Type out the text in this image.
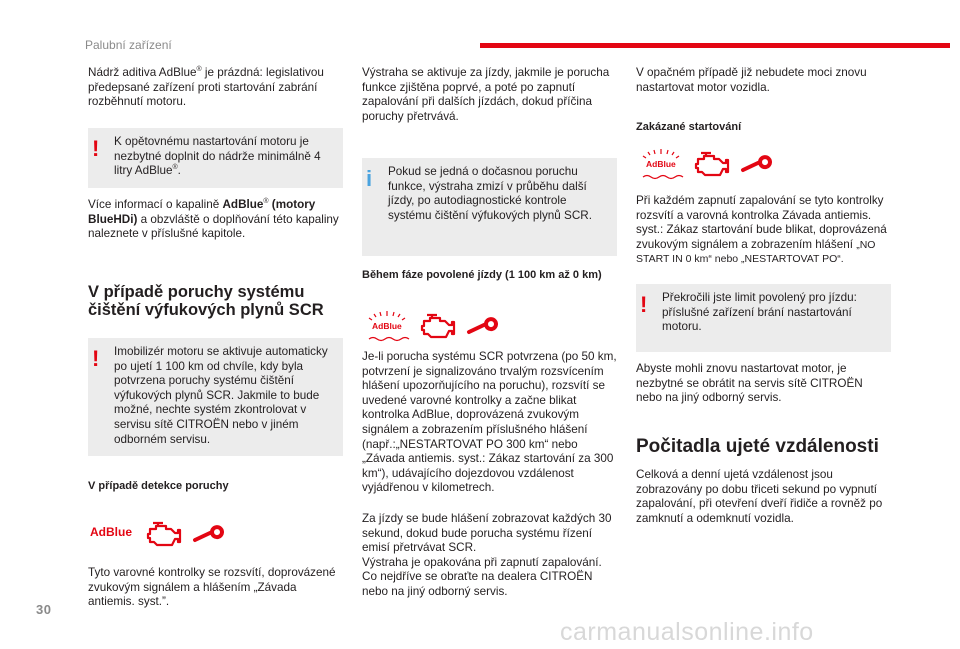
Palubní zařízení

Nádrž aditiva AdBlue® je prázdná: legislativou předepsané zařízení proti startování zabrání rozběhnutí motoru.

! K opětovnému nastartování motoru je nezbytné doplnit do nádrže minimálně 4 litry AdBlue®.

Více informací o kapalině AdBlue® (motory BlueHDi) a obzvláště o doplňování této kapaliny naleznete v příslušné kapitole.

V případě poruchy systému čištění výfukových plynů SCR
! Imobilizér motoru se aktivuje automaticky po ujetí 1 100 km od chvíle, kdy byla potvrzena poruchy systému čištění výfukových plynů SCR. Jakmile to bude možné, nechte systém zkontrolovat v servisu sítě CITROËN nebo v jiném odborném servisu.
V případě detekce poruchy
AdBlue

Tyto varovné kontrolky se rozsvítí, doprovázené zvukovým signálem a hlášením „Závada antiemis. syst.”.

Výstraha se aktivuje za jízdy, jakmile je porucha funkce zjištěna poprvé, a poté po zapnutí zapalování při dalších jízdách, dokud příčina poruchy přetrvává.

i Pokud se jedná o dočasnou poruchu funkce, výstraha zmizí v průběhu další jízdy, po autodiagnostické kontrole systému čištění výfukových plynů SCR.
Během fáze povolené jízdy (1 100 km až 0 km)
AdBlue

Je-li porucha systému SCR potvrzena (po 50 km, potvrzení je signalizováno trvalým rozsvícením hlášení upozorňujícího na poruchu), rozsvítí se uvedené varovné kontrolky a začne blikat kontrolka AdBlue, doprovázená zvukovým signálem a zobrazením příslušného hlášení (např.:„NESTARTOVAT PO 300 km“ nebo „Závada antiemis. syst.: Zákaz startování za 300 km“), udávajícího dojezdovou vzdálenost vyjádřenou v kilometrech.

Za jízdy se bude hlášení zobrazovat každých 30 sekund, dokud bude porucha systému řízení emisí přetrvávat SCR.
Výstraha je opakována při zapnutí zapalování.
Co nejdříve se obraťte na dealera CITROËN nebo na jiný odborný servis.

V opačném případě již nebudete moci znovu nastartovat motor vozidla.

Zakázané startování
AdBlue

Při každém zapnutí zapalování se tyto kontrolky rozsvítí a varovná kontrolka Závada antiemis. syst.: Zákaz startování bude blikat, doprovázená zvukovým signálem a zobrazením hlášení „NO START IN 0 km“ nebo „NESTARTOVAT PO“.

! Překročili jste limit povolený pro jízdu: příslušné zařízení brání nastartování motoru.

Abyste mohli znovu nastartovat motor, je nezbytné se obrátit na servis sítě CITROËN nebo na jiný odborný servis.

Počitadla ujeté vzdálenosti

Celková a denní ujetá vzdálenost jsou zobrazovány po dobu třiceti sekund po vypnutí zapalování, při otevření dveří řidiče a rovněž po zamknutí a odemknutí vozidla.

30
carmanualsonline.info
